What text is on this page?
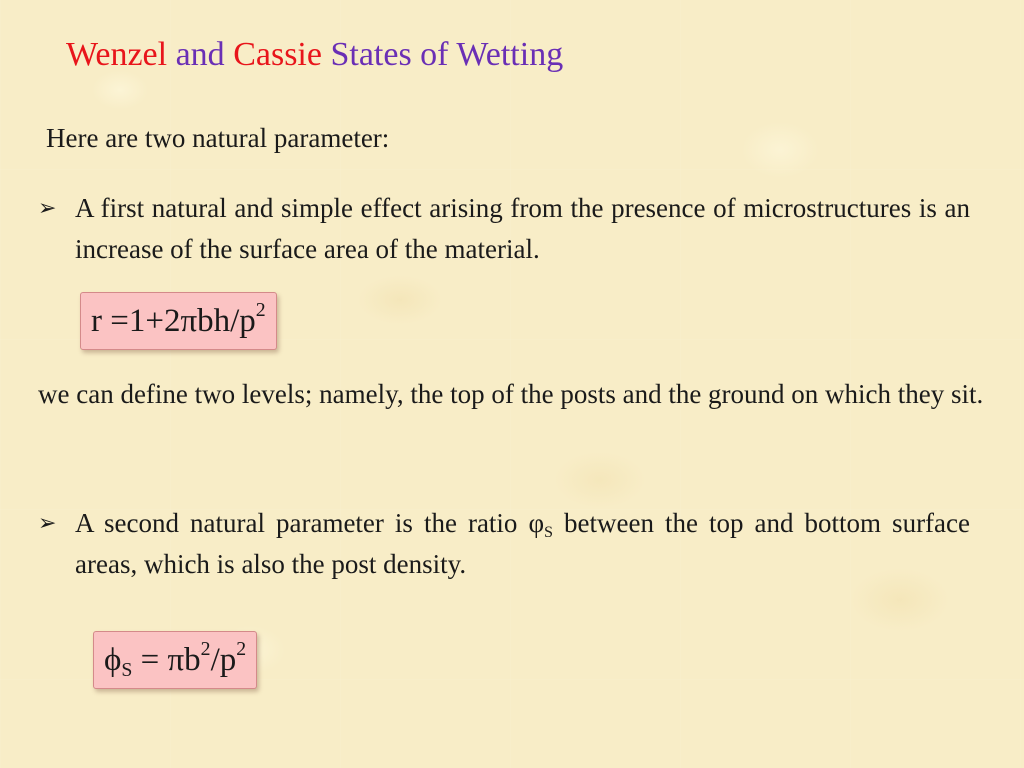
Wenzel and Cassie States of Wetting
Here are two natural parameter:
➢ A first natural and simple effect arising from the presence of microstructures is an increase of the surface area of the material.
$r =1+2\pi bh/p^2$
we can define two levels; namely, the top of the posts and the ground on which they sit.
➢ A second natural parameter is the ratio $\varphi_S$ between the top and bottom surface areas, which is also the post density.
$\phi_S = \pi b^2/p^2$
